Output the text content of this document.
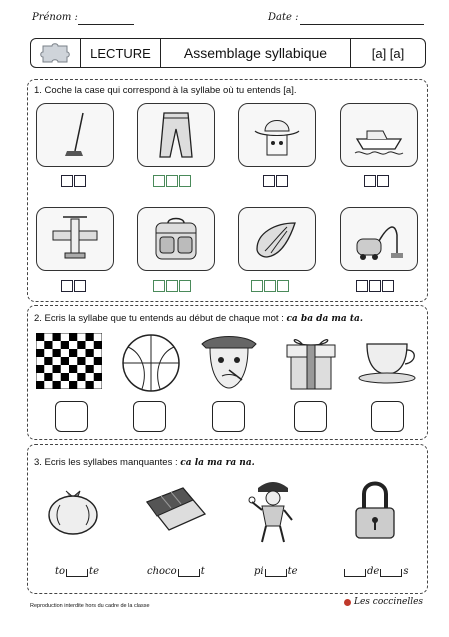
Prénom :	Date :
LECTURE	Assemblage syllabique	[a] [a]
1. Coche la case qui correspond à la syllabe où tu entends [a].
2. Ecris la syllabe que tu entends au début de chaque mot : ca ba da ma ta.
3. Ecris les syllabes manquantes : ca la ma ra na.
to te	choco t	pi te	de s
Reproduction interdite hors du cadre de la classe	Les coccinelles
